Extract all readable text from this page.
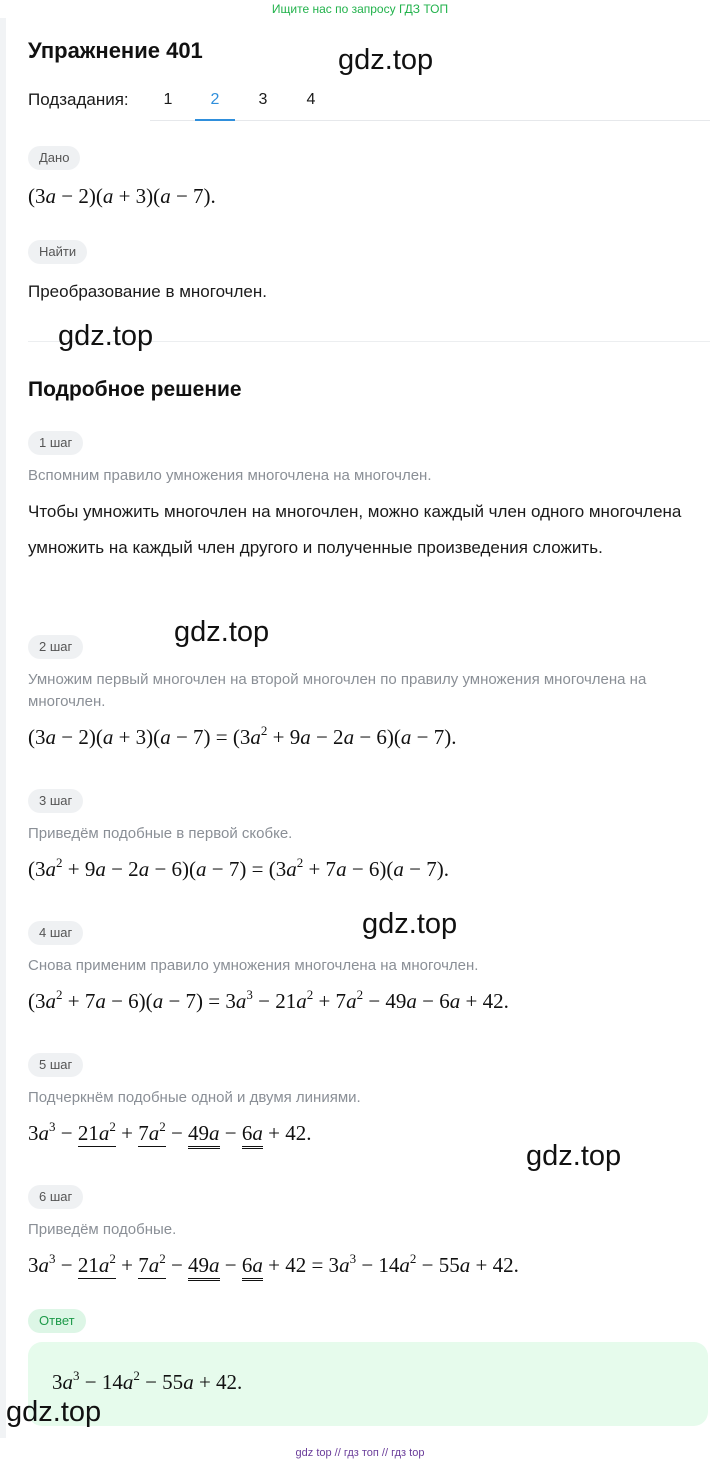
Ищите нас по запросу ГДЗ ТОП
Упражнение 401
Подзадания:	1	2	3	4
Дано
(3a − 2)(a + 3)(a − 7).
Найти
Преобразование в многочлен.
Подробное решение
1 шаг
Вспомним правило умножения многочлена на многочлен.
Чтобы умножить многочлен на многочлен, можно каждый член одного многочлена умножить на каждый член другого и полученные произведения сложить.
2 шаг
Умножим первый многочлен на второй многочлен по правилу умножения многочлена на многочлен.
$(3a - 2)(a + 3)(a - 7) = (3a^2 + 9a - 2a - 6)(a - 7)$.
3 шаг
Приведём подобные в первой скобке.
$(3a^2 + 9a - 2a - 6)(a - 7) = (3a^2 + 7a - 6)(a - 7)$.
4 шаг
Снова применим правило умножения многочлена на многочлен.
$(3a^2 + 7a - 6)(a - 7) = 3a^3 - 21a^2 + 7a^2 - 49a - 6a + 42$.
5 шаг
Подчеркнём подобные одной и двумя линиями.
$3a^3 - 21a^2 + 7a^2 - 49a - 6a + 42$.
6 шаг
Приведём подобные.
$3a^3 - 21a^2 + 7a^2 - 49a - 6a + 42 = 3a^3 - 14a^2 - 55a + 42$.
Ответ
$3a^3 - 14a^2 - 55a + 42$.
gdz.top
gdz.top
gdz.top
gdz.top
gdz.top
gdz.top
gdz top // гдз топ // гдз top
